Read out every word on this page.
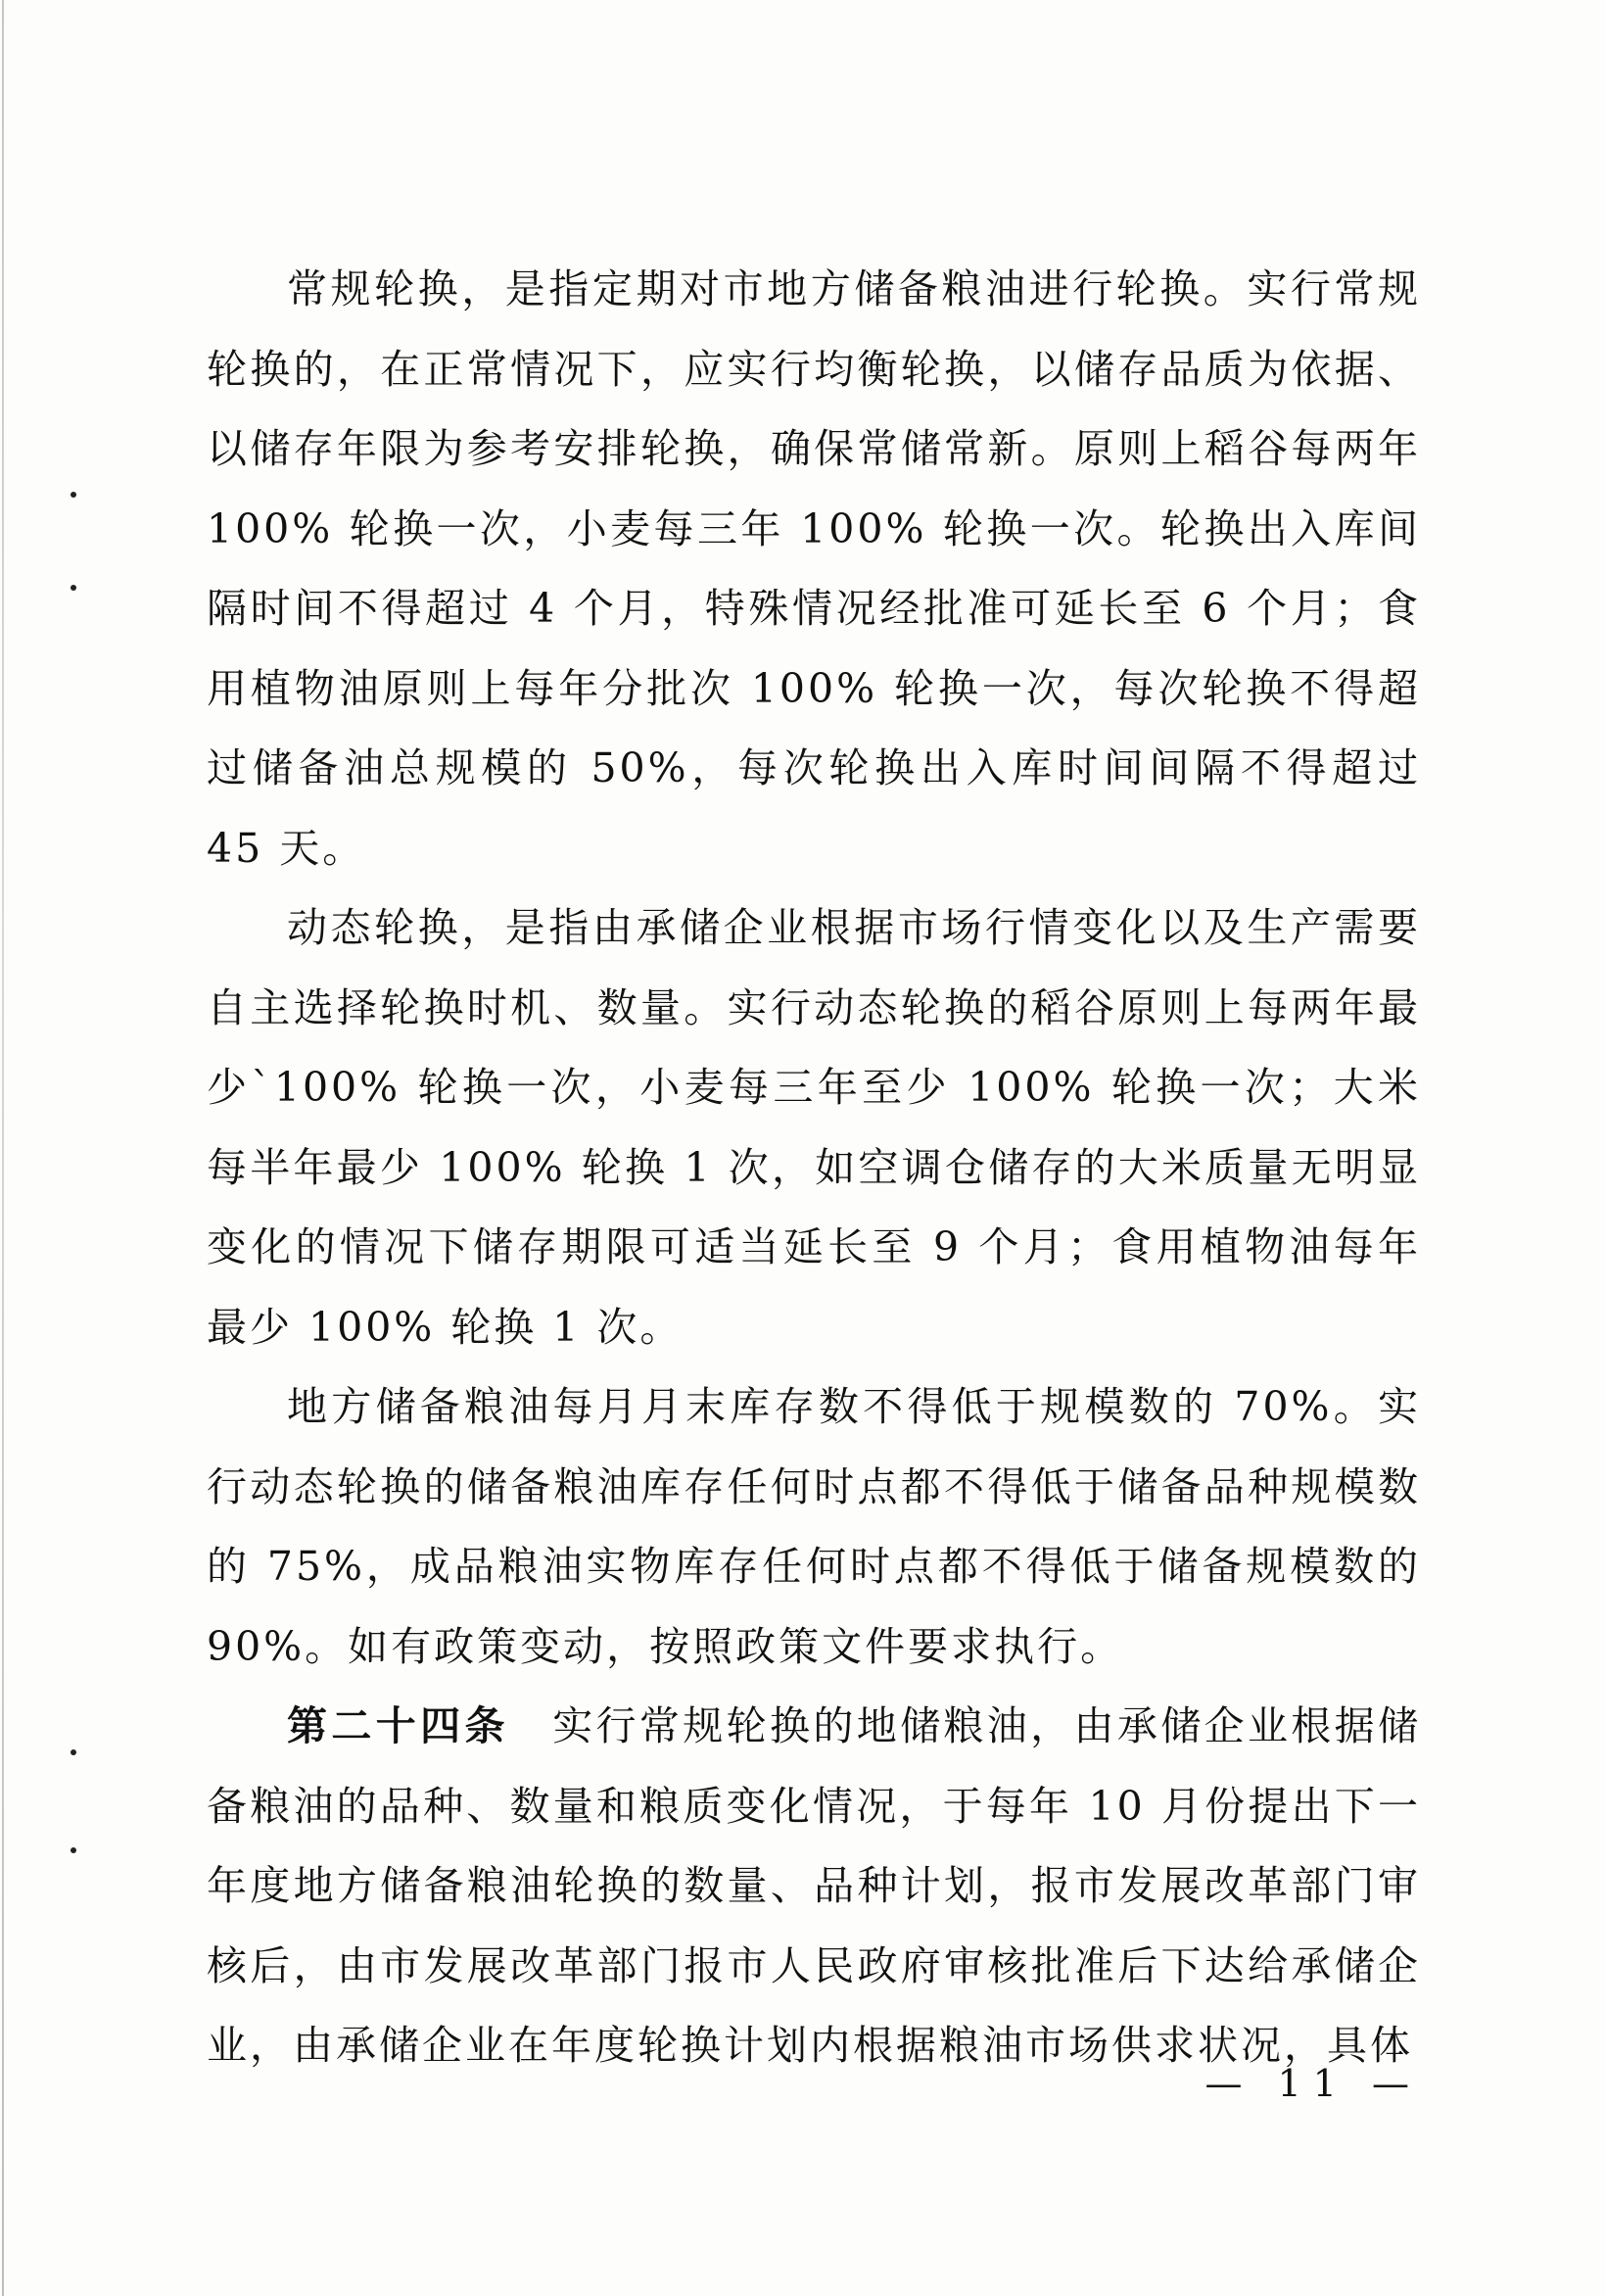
常规轮换，是指定期对市地方储备粮油进行轮换。实行常规轮换的，在正常情况下，应实行均衡轮换，以储存品质为依据、以储存年限为参考安排轮换，确保常储常新。原则上稻谷每两年100% 轮换一次，小麦每三年 100% 轮换一次。轮换出入库间隔时间不得超过 4 个月，特殊情况经批准可延长至 6 个月；食用植物油原则上每年分批次 100% 轮换一次，每次轮换不得超过储备油总规模的 50%，每次轮换出入库时间间隔不得超过 45 天。

动态轮换，是指由承储企业根据市场行情变化以及生产需要自主选择轮换时机、数量。实行动态轮换的稻谷原则上每两年最少`100% 轮换一次，小麦每三年至少 100% 轮换一次；大米每半年最少 100% 轮换 1 次，如空调仓储存的大米质量无明显变化的情况下储存期限可适当延长至 9 个月；食用植物油每年最少 100% 轮换 1 次。

地方储备粮油每月月末库存数不得低于规模数的 70%。实行动态轮换的储备粮油库存任何时点都不得低于储备品种规模数的 75%，成品粮油实物库存任何时点都不得低于储备规模数的 90%。如有政策变动，按照政策文件要求执行。

第二十四条　 实行常规轮换的地储粮油，由承储企业根据储备粮油的品种、数量和粮质变化情况，于每年 10 月份提出下一年度地方储备粮油轮换的数量、品种计划，报市发展改革部门审核后，由市发展改革部门报市人民政府审核批准后下达给承储企业，由承储企业在年度轮换计划内根据粮油市场供求状况，具体

— 11 —
